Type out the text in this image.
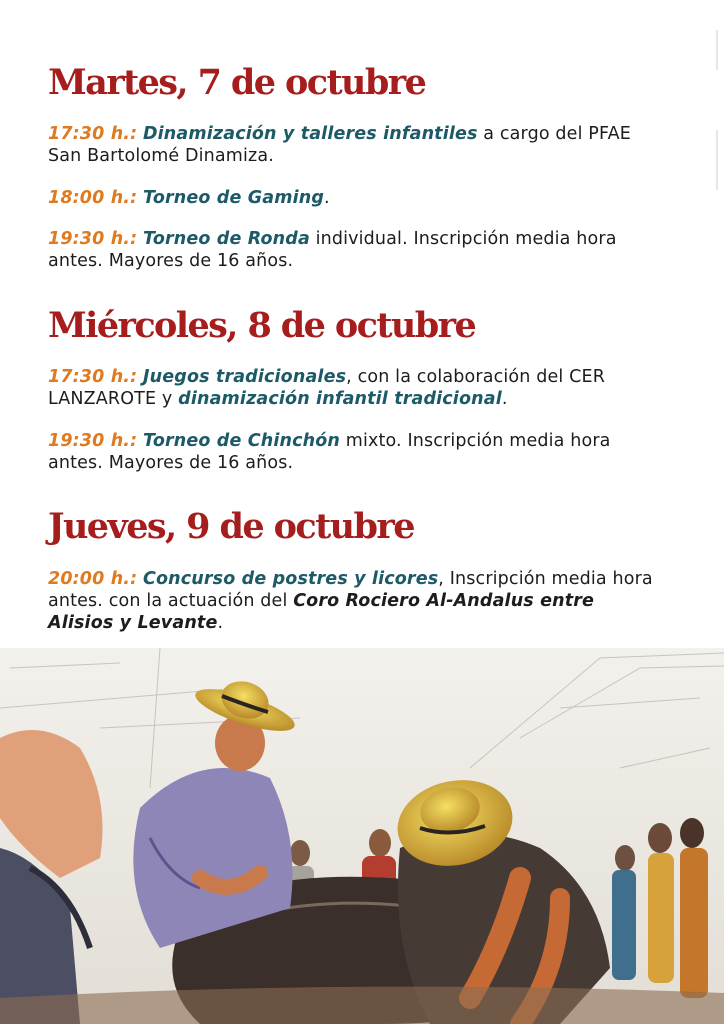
Martes, 7 de octubre

17:30 h.: Dinamización y talleres infantiles a cargo del PFAE San Bartolomé Dinamiza.

18:00 h.: Torneo de Gaming.

19:30 h.: Torneo de Ronda individual. Inscripción media hora antes. Mayores de 16 años.

Miércoles, 8 de octubre

17:30 h.: Juegos tradicionales, con la colaboración del CER LANZAROTE y dinamización infantil tradicional.

19:30 h.: Torneo de Chinchón mixto. Inscripción media hora antes. Mayores de 16 años.

Jueves, 9 de octubre

20:00 h.: Concurso de postres y licores, Inscripción media hora antes. con la actuación del Coro Rociero Al-Andalus entre Alisios y Levante.
